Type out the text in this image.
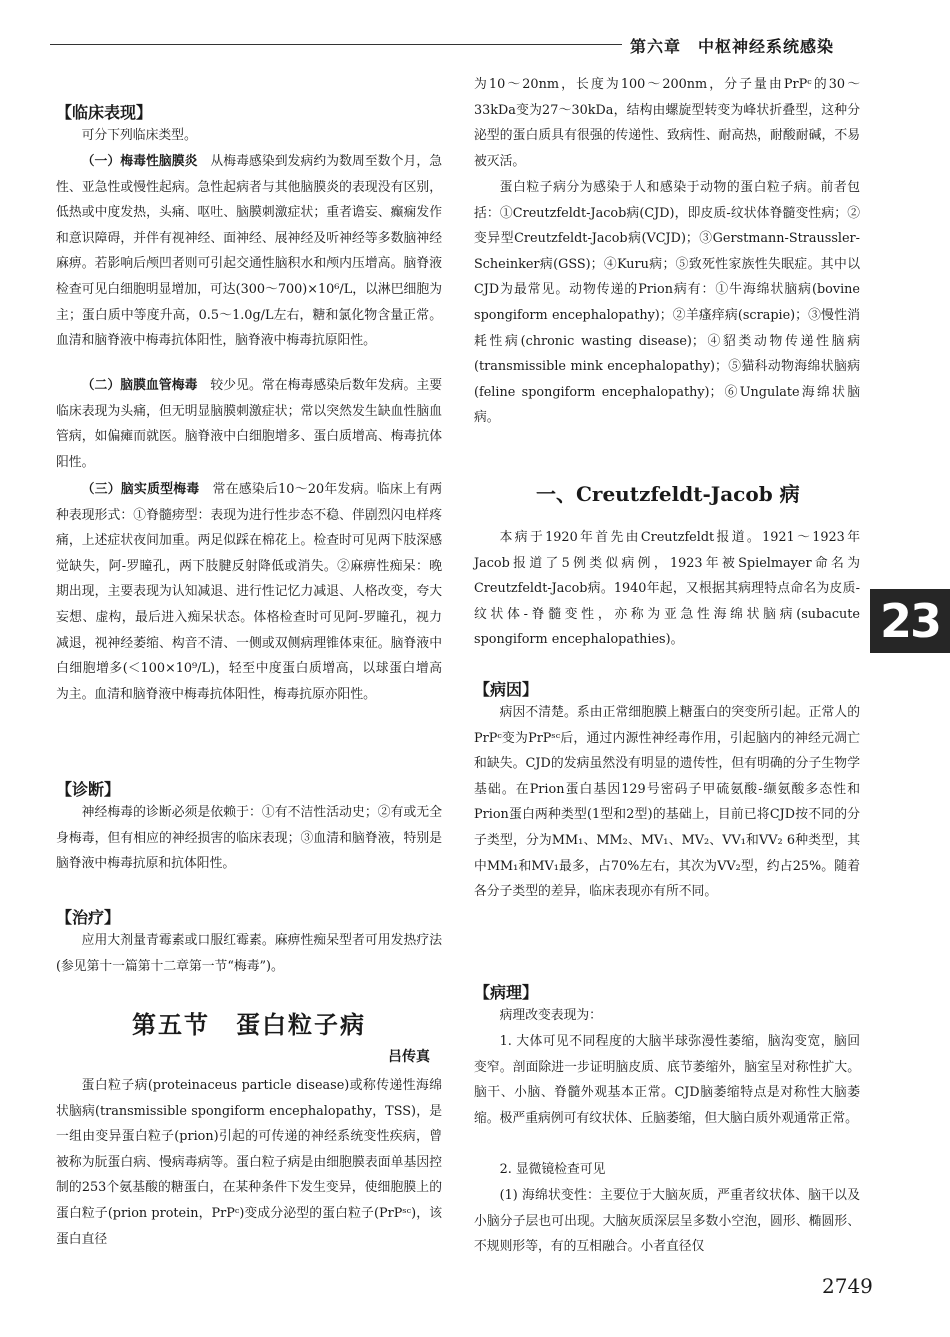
第六章　中枢神经系统感染
【临床表现】

可分下列临床类型。

（一）梅毒性脑膜炎　 从梅毒感染到发病约为数周至数个月，急性、亚急性或慢性起病。急性起病者与其他脑膜炎的表现没有区别，低热或中度发热，头痛、呕吐、脑膜刺激症状；重者谵妄、癫痫发作和意识障碍，并伴有视神经、面神经、展神经及听神经等多数脑神经麻痹。若影响后颅凹者则可引起交通性脑积水和颅内压增高。脑脊液检查可见白细胞明显增加，可达(300～700)×10⁶/L，以淋巴细胞为主；蛋白质中等度升高，0.5～1.0g/L左右，糖和氯化物含量正常。血清和脑脊液中梅毒抗体阳性，脑脊液中梅毒抗原阳性。

（二）脑膜血管梅毒　 较少见。常在梅毒感染后数年发病。主要临床表现为头痛，但无明显脑膜刺激症状；常以突然发生缺血性脑血管病，如偏瘫而就医。脑脊液中白细胞增多、蛋白质增高、梅毒抗体阳性。

（三）脑实质型梅毒　 常在感染后10～20年发病。临床上有两种表现形式：①脊髓痨型：表现为进行性步态不稳、伴剧烈闪电样疼痛，上述症状夜间加重。两足似踩在棉花上。检查时可见两下肢深感觉缺失，阿-罗瞳孔，两下肢腱反射降低或消失。②麻痹性痴呆：晚期出现，主要表现为认知减退、进行性记忆力减退、人格改变，夸大妄想、虚构，最后进入痴呆状态。体格检查时可见阿-罗瞳孔，视力减退，视神经萎缩、构音不清、一侧或双侧病理锥体束征。脑脊液中白细胞增多(＜100×10⁹/L)，轻至中度蛋白质增高，以球蛋白增高为主。血清和脑脊液中梅毒抗体阳性，梅毒抗原亦阳性。

【诊断】

神经梅毒的诊断必须是依赖于：①有不洁性活动史；②有或无全身梅毒，但有相应的神经损害的临床表现；③血清和脑脊液，特别是脑脊液中梅毒抗原和抗体阳性。

【治疗】

应用大剂量青霉素或口服红霉素。麻痹性痴呆型者可用发热疗法(参见第十一篇第十二章第一节“梅毒”)。

第五节　蛋白粒子病
吕传真

蛋白粒子病(proteinaceus particle disease)或称传递性海绵状脑病(transmissible spongiform encephalopathy，TSS)，是一组由变异蛋白粒子(prion)引起的可传递的神经系统变性疾病，曾被称为朊蛋白病、慢病毒病等。蛋白粒子病是由细胞膜表面单基因控制的253个氨基酸的糖蛋白，在某种条件下发生变异，使细胞膜上的蛋白粒子(prion protein，PrPᶜ)变成分泌型的蛋白粒子(PrPˢᶜ)，该蛋白直径

为10～20nm，长度为100～200nm，分子量由PrPᶜ的30～33kDa变为27～30kDa，结构由螺旋型转变为峰状折叠型，这种分泌型的蛋白质具有很强的传递性、致病性、耐高热，耐酸耐碱，不易被灭活。

蛋白粒子病分为感染于人和感染于动物的蛋白粒子病。前者包括：①Creutzfeldt-Jacob病(CJD)，即皮质-纹状体脊髓变性病；②变异型Creutzfeldt-Jacob病(VCJD)；③Gerstmann-Straussler-Scheinker病(GSS)；④Kuru病；⑤致死性家族性失眠症。其中以CJD为最常见。动物传递的Prion病有：①牛海绵状脑病(bovine spongiform encephalopathy)；②羊瘙痒病(scrapie)；③慢性消耗性病(chronic wasting disease)；④貂类动物传递性脑病(transmissible mink encephalopathy)；⑤猫科动物海绵状脑病(feline spongiform encephalopathy)；⑥Ungulate海绵状脑病。

一、Creutzfeldt-Jacob 病

本病于1920年首先由Creutzfeldt报道。1921～1923年Jacob报道了5例类似病例，1923年被Spielmayer命名为Creutzfeldt-Jacob病。1940年起，又根据其病理特点命名为皮质-纹状体-脊髓变性，亦称为亚急性海绵状脑病(subacute spongiform encephalopathies)。

【病因】

病因不清楚。系由正常细胞膜上糖蛋白的突变所引起。正常人的PrPᶜ变为PrPˢᶜ后，通过内源性神经毒作用，引起脑内的神经元凋亡和缺失。CJD的发病虽然没有明显的遗传性，但有明确的分子生物学基础。在Prion蛋白基因129号密码子甲硫氨酸-缬氨酸多态性和Prion蛋白两种类型(1型和2型)的基础上，目前已将CJD按不同的分子类型，分为MM₁、MM₂、MV₁、MV₂、VV₁和VV₂ 6种类型，其中MM₁和MV₁最多，占70%左右，其次为VV₂型，约占25%。随着各分子类型的差异，临床表现亦有所不同。

【病理】

病理改变表现为：

1. 大体可见不同程度的大脑半球弥漫性萎缩，脑沟变宽，脑回变窄。剖面除进一步证明脑皮质、底节萎缩外，脑室呈对称性扩大。脑干、小脑、脊髓外观基本正常。CJD脑萎缩特点是对称性大脑萎缩。极严重病例可有纹状体、丘脑萎缩，但大脑白质外观通常正常。

2. 显微镜检查可见

(1) 海绵状变性：主要位于大脑灰质，严重者纹状体、脑干以及小脑分子层也可出现。大脑灰质深层呈多数小空泡，圆形、椭圆形、不规则形等，有的互相融合。小者直径仅

23
2749
